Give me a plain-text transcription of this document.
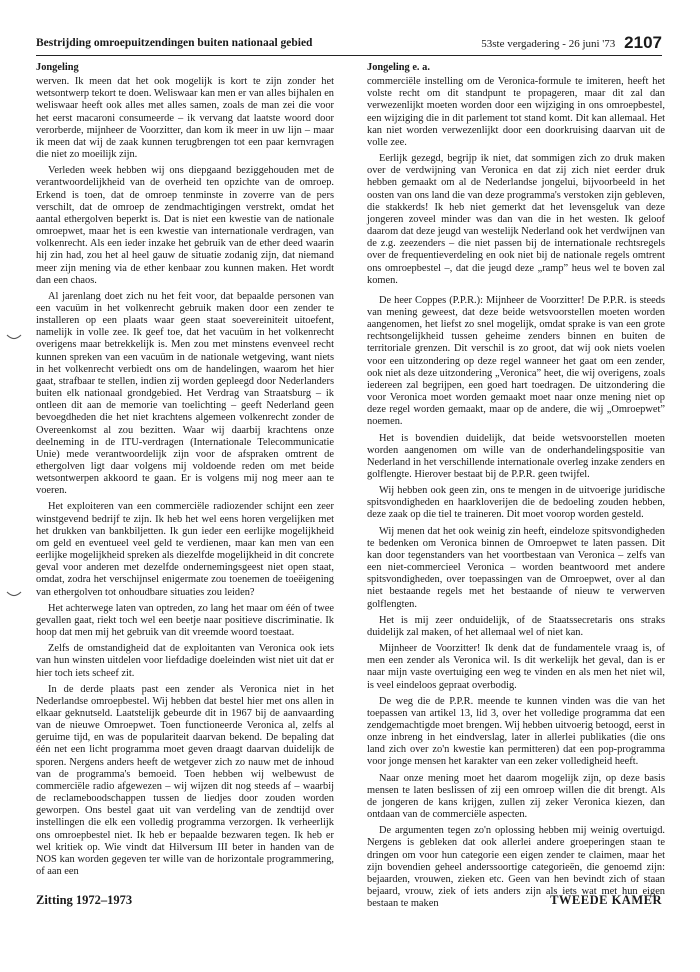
Bestrijding omroepuitzendingen buiten nationaal gebied	53ste vergadering - 26 juni '73 2107
Jongeling

werven. Ik meen dat het ook mogelijk is kort te zijn zonder het wetsontwerp tekort te doen. Weliswaar kan men er van alles bijhalen en weliswaar heeft ook alles met alles samen, zoals de man zei die voor het eerst macaroni consumeerde – ik vervang dat laatste woord door verorberde, mijnheer de Voorzitter, dan kom ik meer in uw lijn – maar ik meen dat wij de zaak kunnen terugbrengen tot een paar kernvragen die niet zo moeilijk zijn.

Verleden week hebben wij ons diepgaand beziggehouden met de verantwoordelijkheid van de overheid ten opzichte van de omroep. Erkend is toen, dat de omroep tenminste in zoverre van de pers verschilt, dat de omroep de zendmachtigingen verstrekt, omdat het aantal ethergolven beperkt is. Dat is niet een kwestie van de nationale omroepwet, maar het is een kwestie van internationale verdragen, van volkenrecht. Als een ieder inzake het gebruik van de ether deed waarin hij zin had, zou het al heel gauw de situatie zodanig zijn, dat niemand meer zijn mening via de ether kenbaar zou kunnen maken. Het wordt dan een chaos.

Al jarenlang doet zich nu het feit voor, dat bepaalde personen van een vacuüm in het volkenrecht gebruik maken door een zender te installeren op een plaats waar geen staat soevereiniteit uitoefent, namelijk in volle zee. Ik geef toe, dat het vacuüm in het volkenrecht overigens maar betrekkelijk is. Men zou met minstens evenveel recht kunnen spreken van een vacuüm in de nationale wetgeving, want niets in het volkenrecht verbiedt ons om de handelingen, waarom het hier gaat, strafbaar te stellen, indien zij worden gepleegd door Nederlanders buiten elk nationaal grondgebied. Het Verdrag van Straatsburg – ik ontleen dit aan de memorie van toelichting – geeft Nederland geen bevoegdheden die het niet krachtens algemeen volkenrecht zonder de Overeenkomst al zou bezitten. Waar wij daarbij krachtens onze deelneming in de ITU-verdragen (Internationale Telecommunicatie Unie) mede verantwoordelijk zijn voor de afspraken omtrent de ethergolven ligt daar volgens mij voldoende reden om met beide wetsontwerpen akkoord te gaan. Er is volgens mij nog meer aan te voeren.

Het exploiteren van een commerciële radiozender schijnt een zeer winstgevend bedrijf te zijn. Ik heb het wel eens horen vergelijken met het drukken van bankbiljetten. Ik gun ieder een eerlijke mogelijkheid om geld en eventueel veel geld te verdienen, maar kan men van een eerlijke mogelijkheid spreken als diezelfde mogelijkheid in dit concrete geval voor anderen met dezelfde ondernemingsgeest niet open staat, omdat, zodra het verschijnsel enigermate zou toenemen de toeëigening van ethergolven tot onhoudbare situaties zou leiden?

Het achterwege laten van optreden, zo lang het maar om één of twee gevallen gaat, riekt toch wel een beetje naar positieve discriminatie. Ik hoop dat men mij het gebruik van dit vreemde woord toestaat.

Zelfs de omstandigheid dat de exploitanten van Veronica ook iets van hun winsten uitdelen voor liefdadige doeleinden wist niet uit dat er hier toch iets scheef zit.

In de derde plaats past een zender als Veronica niet in het Nederlandse omroepbestel. Wij hebben dat bestel hier met ons allen in elkaar geknutseld. Laatstelijk gebeurde dit in 1967 bij de aanvaarding van de nieuwe Omroepwet. Toen functioneerde Veronica al, zelfs al geruime tijd, en was de populariteit daarvan bekend. De bepaling dat één net een licht programma moet geven draagt daarvan duidelijk de sporen. Nergens anders heeft de wetgever zich zo nauw met de inhoud van de programma's bemoeid. Toen hebben wij welbewust de commerciële radio afgewezen – wij wijzen dit nog steeds af – waarbij de reclameboodschappen tussen de liedjes door zouden worden geworpen. Ons bestel gaat uit van verdeling van de zendtijd over instellingen die elk een volledig programma verzorgen. Ik verheerlijk ons omroepbestel niet. Ik heb er bepaalde bezwaren tegen. Ik heb er wel kritiek op. Wie vindt dat Hilversum III beter in handen van de NOS kan worden gegeven ter wille van de horizontale programmering, of aan een

Jongeling e. a.

commerciële instelling om de Veronica-formule te imiteren, heeft het volste recht om dit standpunt te propageren, maar dit zal dan verwezenlijkt moeten worden door een wijziging in ons omroepbestel, een wijziging die in dit parlement tot stand komt. Dit kan allemaal. Het kan niet worden verwezenlijkt door een doorkruising daarvan uit de volle zee.

Eerlijk gezegd, begrijp ik niet, dat sommigen zich zo druk maken over de verdwijning van Veronica en dat zij zich niet eerder druk hebben gemaakt om al de Nederlandse jongelui, bijvoorbeeld in het oosten van ons land die van deze programma's verstoken zijn gebleven, die stakkerds! Ik heb niet gemerkt dat het levensgeluk van deze jongeren zoveel minder was dan van die in het westen. Ik geloof daarom dat deze jeugd van westelijk Nederland ook het verdwijnen van de z.g. zeezenders – die niet passen bij de internationale rechtsregels over de frequentieverdeling en ook niet bij de nationale regels omtrent ons omroepbestel –, dat die jeugd deze „ramp” heus wel te boven zal komen.

De heer Coppes (P.P.R.): Mijnheer de Voorzitter! De P.P.R. is steeds van mening geweest, dat deze beide wetsvoorstellen moeten worden aangenomen, het liefst zo snel mogelijk, omdat sprake is van een grote rechtsongelijkheid tussen geheime zenders binnen en buiten de territoriale grenzen. Dit verschil is zo groot, dat wij ook niets voelen voor een uitzondering op deze regel wanneer het gaat om een zender, ook niet als deze uitzondering „Veronica” heet, die wij overigens, zoals iedereen zal begrijpen, een goed hart toedragen. De uitzondering die voor Veronica moet worden gemaakt moet naar onze mening niet op deze regel worden gemaakt, maar op de andere, die wij „Omroepwet” noemen.

Het is bovendien duidelijk, dat beide wetsvoorstellen moeten worden aangenomen om wille van de onderhandelingspositie van Nederland in het verschillende internationale overleg inzake zenders en golflengte. Hierover bestaat bij de P.P.R. geen twijfel.

Wij hebben ook geen zin, ons te mengen in de uitvoerige juridische spitsvondigheden en haarkloverijen die de bedoeling zouden hebben, deze zaak op die tiel te traineren. Dit moet voorop worden gesteld.

Wij menen dat het ook weinig zin heeft, eindeloze spitsvondigheden te bedenken om Veronica binnen de Omroepwet te laten passen. Dit kan door tegenstanders van het voortbestaan van Veronica – zelfs van een niet-commercieel Veronica – worden beantwoord met andere spitsvondigheden, over toepassingen van de Omroepwet, over al dan niet bestaande regels met het bestaande of nieuw te verwerven golflengten.

Het is mij zeer onduidelijk, of de Staatssecretaris ons straks duidelijk zal maken, of het allemaal wel of niet kan.

Mijnheer de Voorzitter! Ik denk dat de fundamentele vraag is, of men een zender als Veronica wil. Is dit werkelijk het geval, dan is er naar mijn vaste overtuiging een weg te vinden en als men het niet wil, is veel eindeloos gepraat overbodig.

De weg die de P.P.R. meende te kunnen vinden was die van het toepassen van artikel 13, lid 3, over het volledige programma dat een zendgemachtigde moet brengen. Wij hebben uitvoerig betoogd, eerst in onze inbreng in het eindverslag, later in allerlei publikaties (die ons land zich over zo'n kwestie kan permitteren) dat een pop-programma voor jonge mensen het karakter van een zeker volledigheid heeft.

Naar onze mening moet het daarom mogelijk zijn, op deze basis mensen te laten beslissen of zij een omroep willen die dit brengt. Als de jongeren de kans krijgen, zullen zij zeker Veronica kiezen, dan ontdaan van de commerciële aspecten.

De argumenten tegen zo'n oplossing hebben mij weinig overtuigd. Nergens is gebleken dat ook allerlei andere groeperingen staan te dringen om voor hun categorie een eigen zender te claimen, maar het zijn bovendien geheel anderssoortige categorieën, die genoemd zijn: bejaarden, vrouwen, zieken etc. Geen van hen bevindt zich of staan bejaard, vrouw, ziek of iets anders zijn als iets wat met hun eigen bestaan te maken

Zitting 1972–1973	TWEEDE KAMER
